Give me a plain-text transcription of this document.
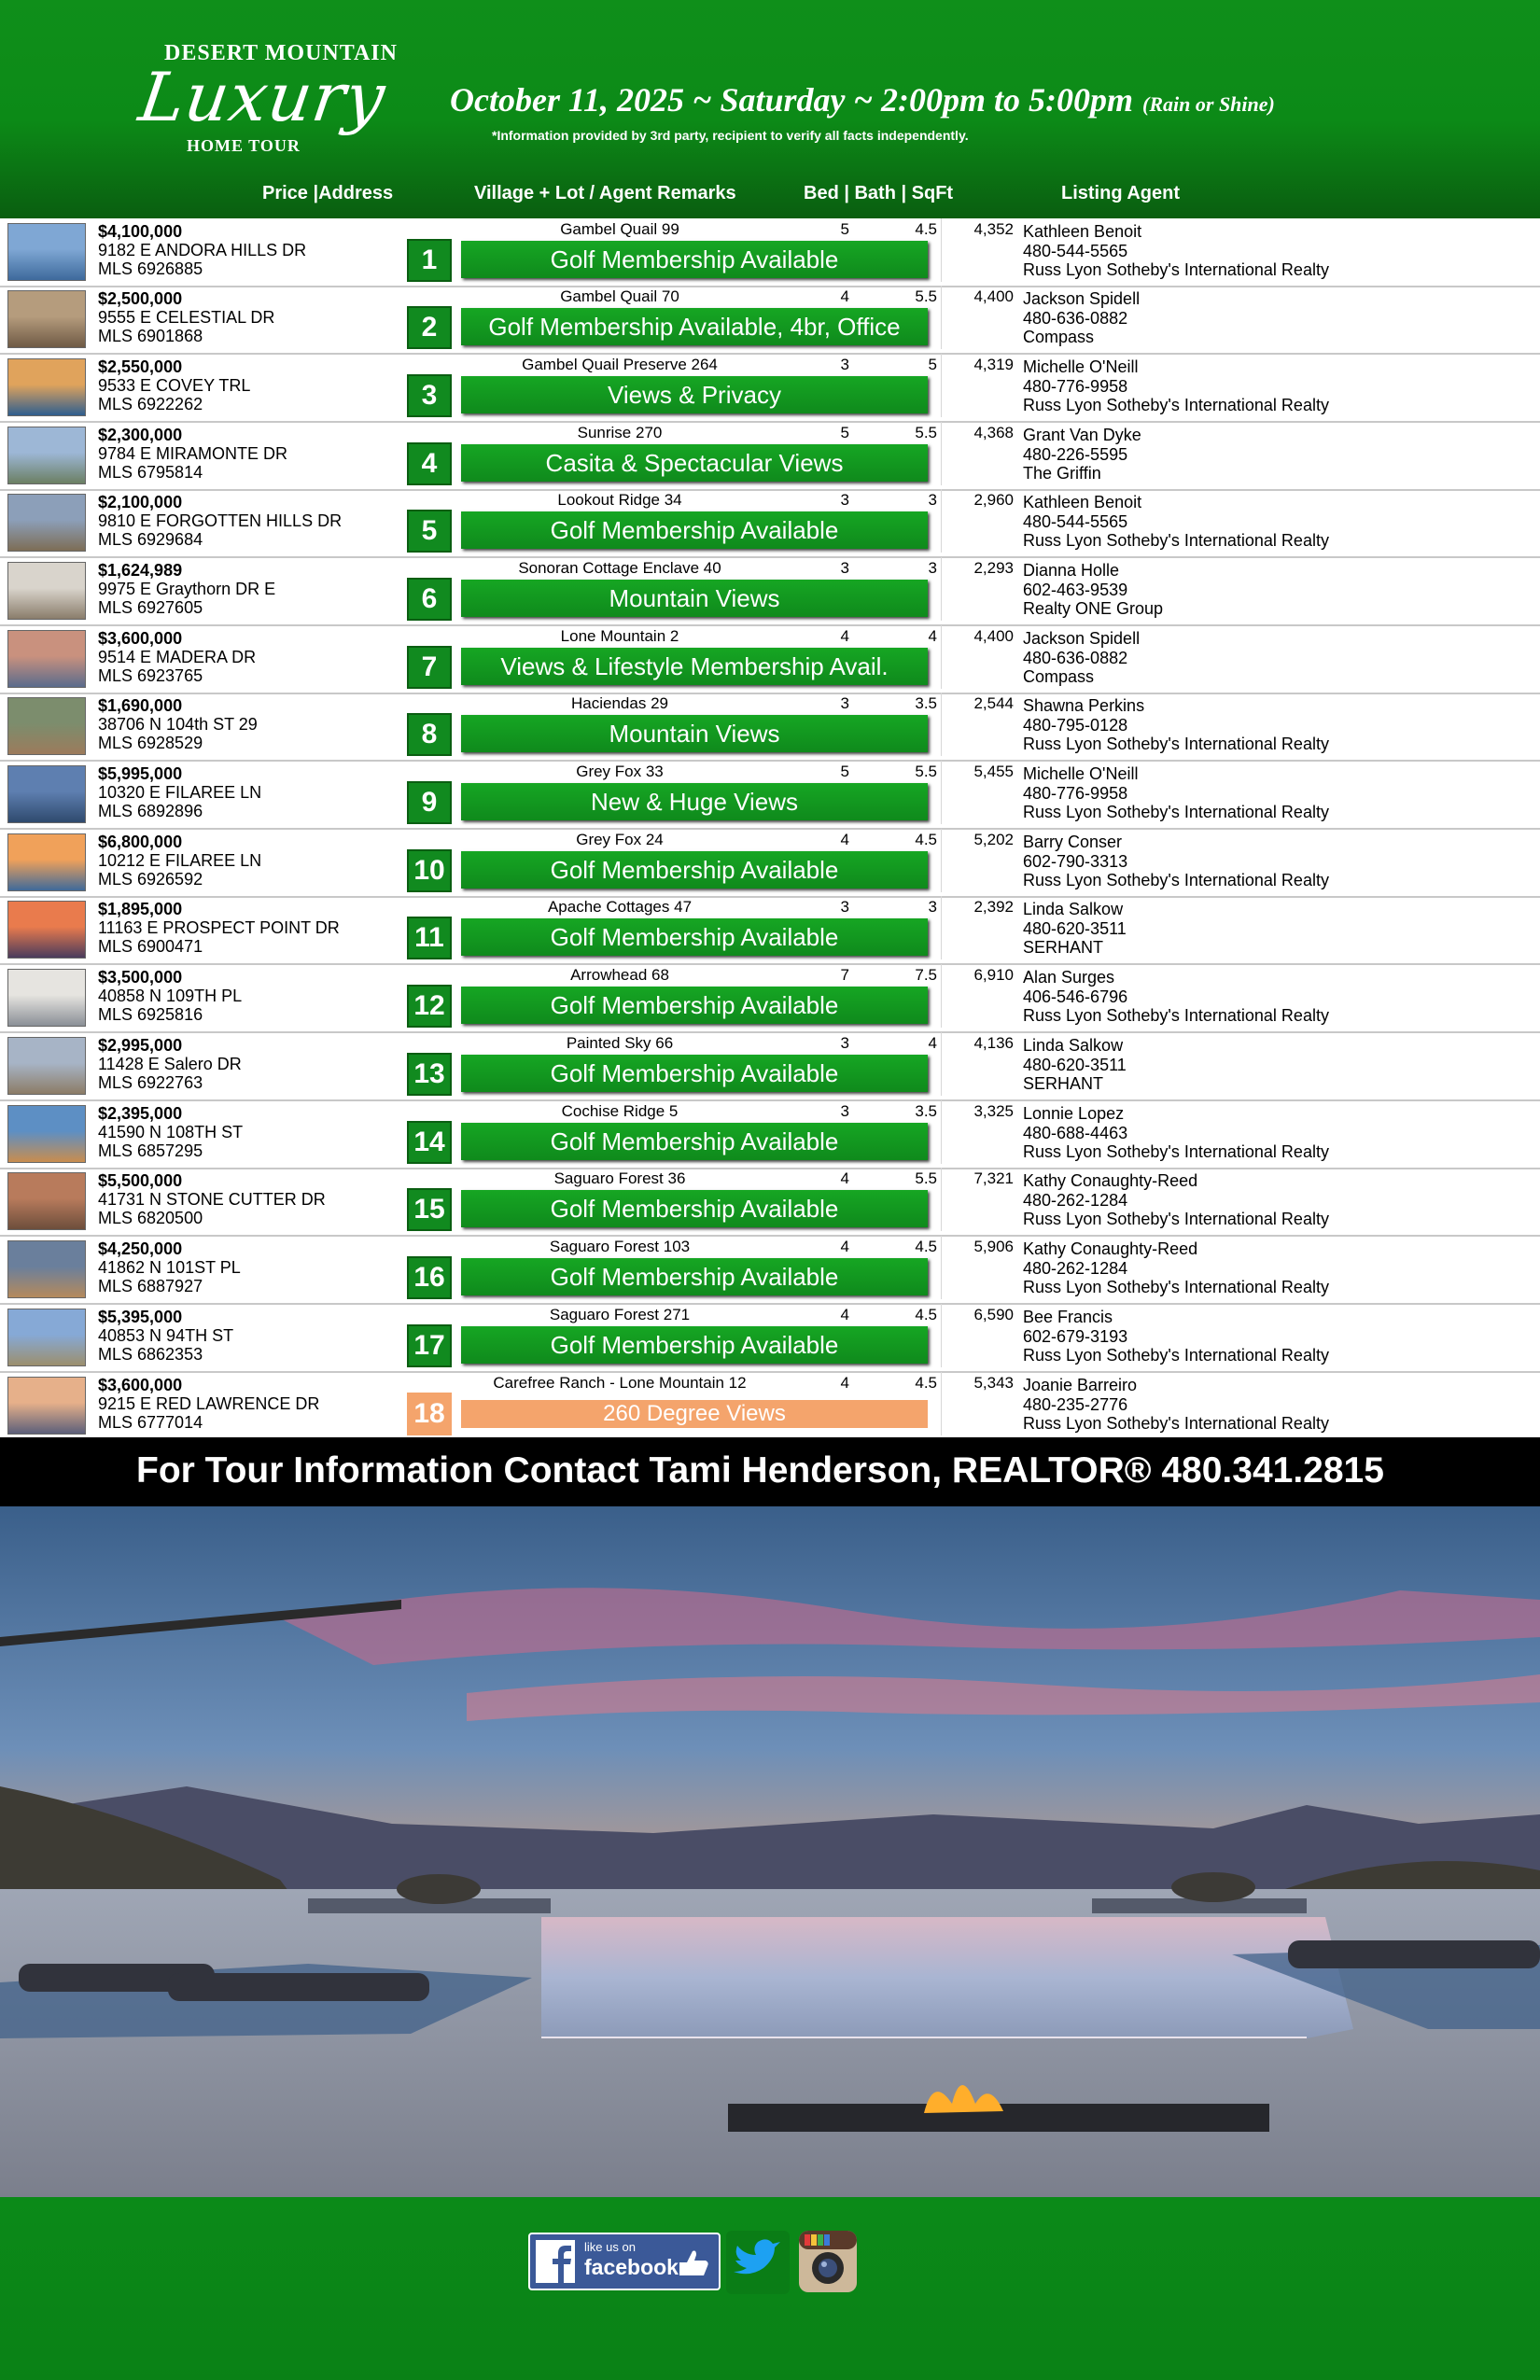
DESERT MOUNTAIN
Luxury
HOME TOUR
October 11, 2025 ~ Saturday ~ 2:00pm to 5:00pm (Rain or Shine)
*Information provided by 3rd party, recipient to verify all facts independently.
Price |Address	Village + Lot / Agent Remarks	Bed | Bath | SqFt	Listing Agent
$4,100,000
9182 E ANDORA HILLS DR
MLS 6926885	1
Gambel Quail 99	5	4.5	4,352
Golf Membership Available
Kathleen Benoit
480-544-5565
Russ Lyon Sotheby's International Realty
$2,500,000
9555 E CELESTIAL DR
MLS 6901868	2
Gambel Quail 70	4	5.5	4,400
Golf Membership Available, 4br, Office
Jackson Spidell
480-636-0882
Compass
$2,550,000
9533 E COVEY TRL
MLS 6922262	3
Gambel Quail Preserve 264	3	5	4,319
Views & Privacy
Michelle O'Neill
480-776-9958
Russ Lyon Sotheby's International Realty
$2,300,000
9784 E MIRAMONTE DR
MLS 6795814	4
Sunrise 270	5	5.5	4,368
Casita & Spectacular Views
Grant Van Dyke
480-226-5595
The Griffin
$2,100,000
9810 E FORGOTTEN HILLS DR
MLS 6929684	5
Lookout Ridge 34	3	3	2,960
Golf Membership Available
Kathleen Benoit
480-544-5565
Russ Lyon Sotheby's International Realty
$1,624,989
9975 E Graythorn DR E
MLS 6927605	6
Sonoran Cottage Enclave 40	3	3	2,293
Mountain Views
Dianna Holle
602-463-9539
Realty ONE Group
$3,600,000
9514 E MADERA DR
MLS 6923765	7
Lone Mountain 2	4	4	4,400
Views & Lifestyle Membership Avail.
Jackson Spidell
480-636-0882
Compass
$1,690,000
38706 N 104th ST 29
MLS 6928529	8
Haciendas 29	3	3.5	2,544
Mountain Views
Shawna Perkins
480-795-0128
Russ Lyon Sotheby's International Realty
$5,995,000
10320 E FILAREE LN
MLS 6892896	9
Grey Fox 33	5	5.5	5,455
New & Huge Views
Michelle O'Neill
480-776-9958
Russ Lyon Sotheby's International Realty
$6,800,000
10212 E FILAREE LN
MLS 6926592	10
Grey Fox 24	4	4.5	5,202
Golf Membership Available
Barry Conser
602-790-3313
Russ Lyon Sotheby's International Realty
$1,895,000
11163 E PROSPECT POINT DR
MLS 6900471	11
Apache Cottages 47	3	3	2,392
Golf Membership Available
Linda Salkow
480-620-3511
SERHANT
$3,500,000
40858 N 109TH PL
MLS 6925816	12
Arrowhead 68	7	7.5	6,910
Golf Membership Available
Alan Surges
406-546-6796
Russ Lyon Sotheby's International Realty
$2,995,000
11428 E Salero DR
MLS 6922763	13
Painted Sky 66	3	4	4,136
Golf Membership Available
Linda Salkow
480-620-3511
SERHANT
$2,395,000
41590 N 108TH ST
MLS 6857295	14
Cochise Ridge 5	3	3.5	3,325
Golf Membership Available
Lonnie Lopez
480-688-4463
Russ Lyon Sotheby's International Realty
$5,500,000
41731 N STONE CUTTER DR
MLS 6820500	15
Saguaro Forest 36	4	5.5	7,321
Golf Membership Available
Kathy Conaughty-Reed
480-262-1284
Russ Lyon Sotheby's International Realty
$4,250,000
41862 N 101ST PL
MLS 6887927	16
Saguaro Forest 103	4	4.5	5,906
Golf Membership Available
Kathy Conaughty-Reed
480-262-1284
Russ Lyon Sotheby's International Realty
$5,395,000
40853 N 94TH ST
MLS 6862353	17
Saguaro Forest 271	4	4.5	6,590
Golf Membership Available
Bee Francis
602-679-3193
Russ Lyon Sotheby's International Realty
$3,600,000
9215 E RED LAWRENCE DR
MLS 6777014	18
Carefree Ranch - Lone Mountain 12	4	4.5	5,343
260 Degree Views
Joanie Barreiro
480-235-2776
Russ Lyon Sotheby's International Realty
For Tour Information Contact Tami Henderson, REALTOR® 480.341.2815
like us on
facebook
